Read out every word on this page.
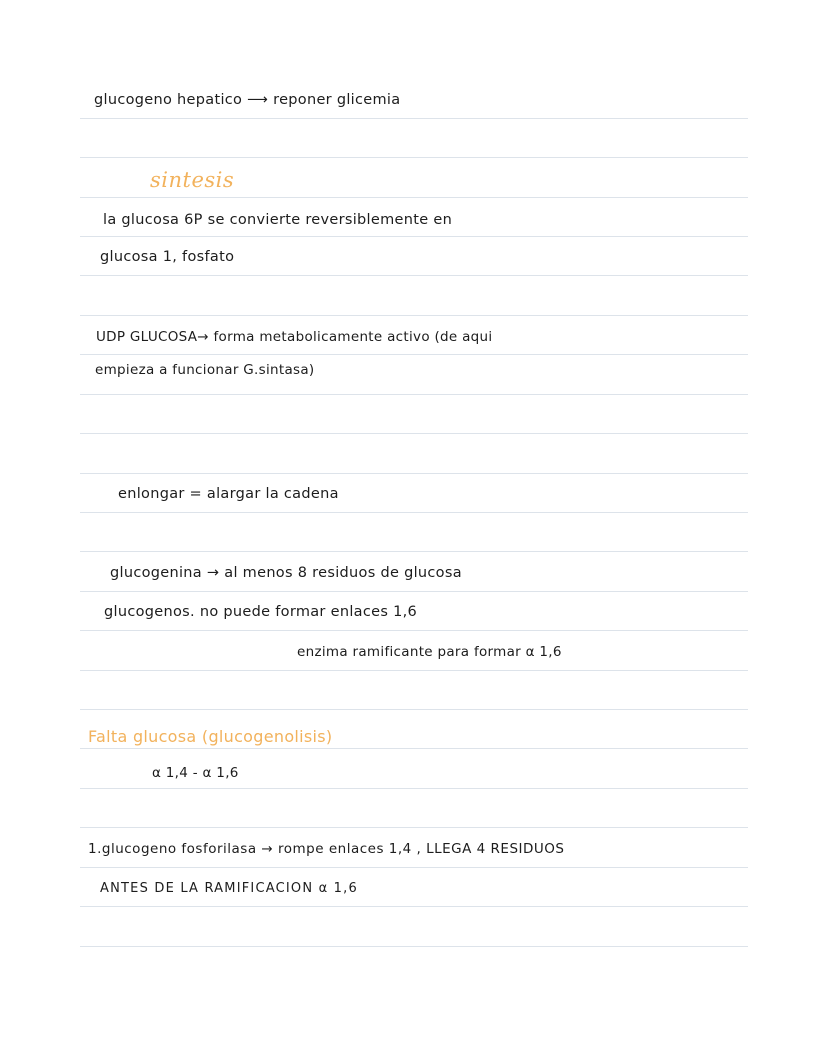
glucogeno hepatico ⟶ reponer glicemia
sintesis
la glucosa 6P se convierte reversiblemente en
glucosa 1, fosfato
UDP GLUCOSA→ forma metabolicamente activo (de aqui
empieza a funcionar G.sintasa)
enlongar = alargar la cadena
glucogenina → al menos 8 residuos de glucosa
glucogenos. no puede formar enlaces 1,6
enzima ramificante para formar α 1,6
Falta glucosa (glucogenolisis)
α 1,4 - α 1,6
1.glucogeno fosforilasa → rompe enlaces 1,4 , LLEGA 4 RESIDUOS
ANTES DE LA RAMIFICACION α 1,6
